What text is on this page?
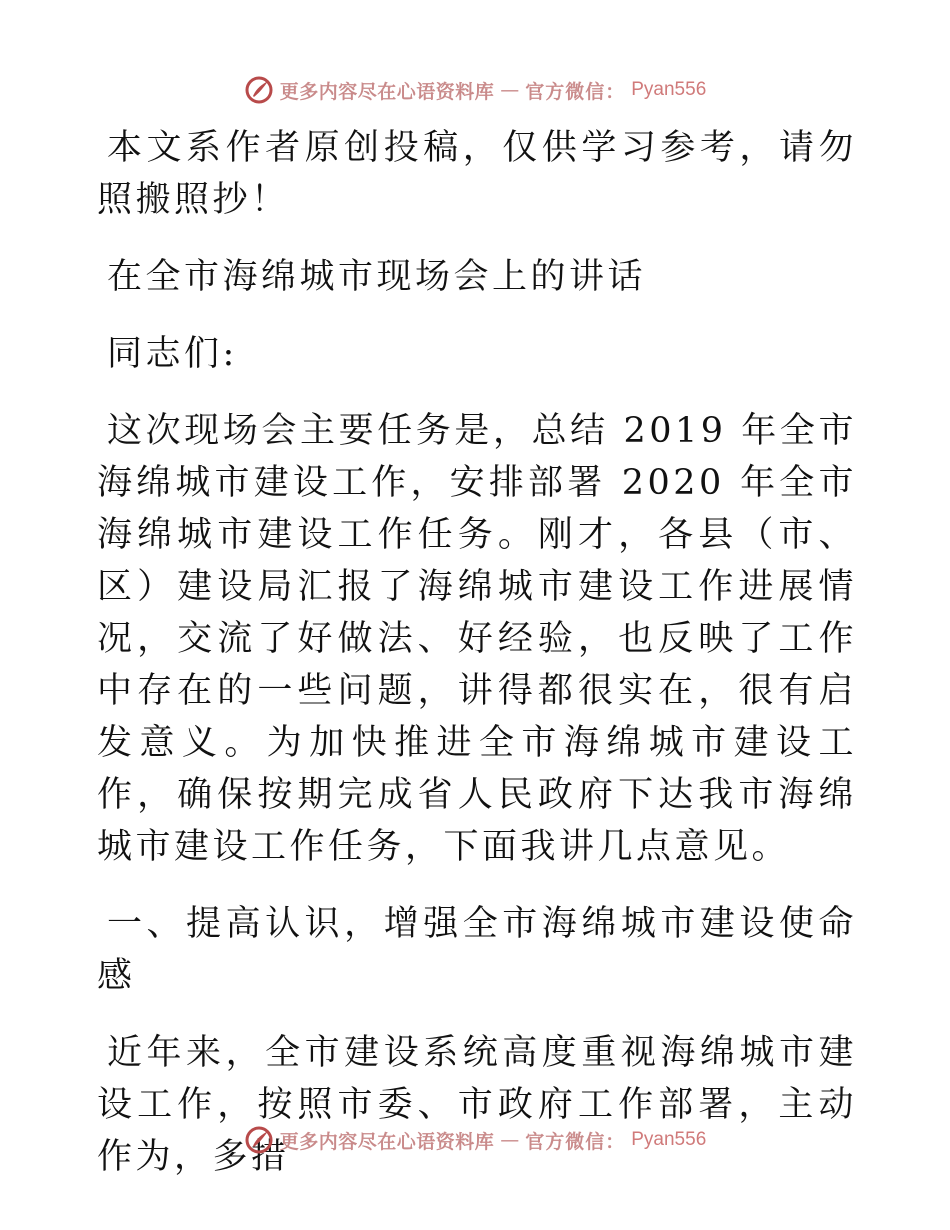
更多内容尽在心语资料库 — 官方微信： Pyan556

本文系作者原创投稿，仅供学习参考，请勿照搬照抄！

在全市海绵城市现场会上的讲话

同志们:

这次现场会主要任务是，总结 2019 年全市海绵城市建设工作，安排部署 2020 年全市海绵城市建设工作任务。刚才，各县（市、区）建设局汇报了海绵城市建设工作进展情况，交流了好做法、好经验，也反映了工作中存在的一些问题，讲得都很实在，很有启发意义。为加快推进全市海绵城市建设工作，确保按期完成省人民政府下达我市海绵城市建设工作任务，下面我讲几点意见。

一、提高认识，增强全市海绵城市建设使命感

近年来，全市建设系统高度重视海绵城市建设工作，按照市委、市政府工作部署，主动作为，多措

更多内容尽在心语资料库 — 官方微信： Pyan556
